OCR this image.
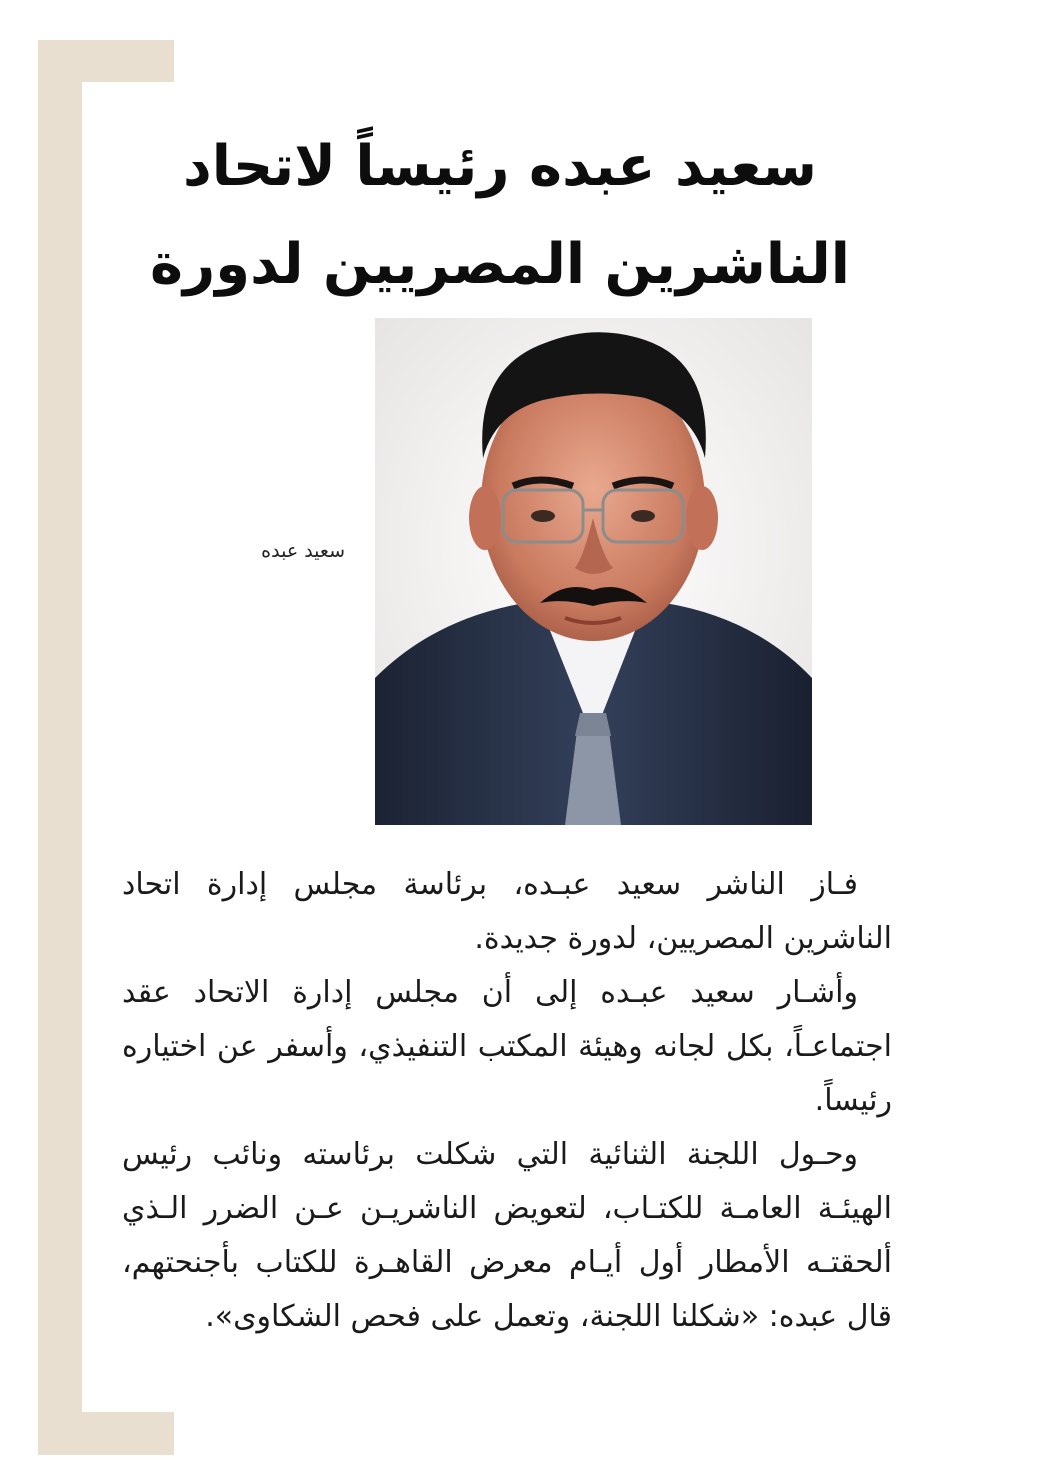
سعيد عبده رئيساً لاتحاد
الناشرين المصريين لدورة
سعيد عبده

فـاز الناشر سعيد عبـده، برئاسة مجلس إدارة اتحاد الناشرين المصريين، لدورة جديدة.

وأشـار سعيد عبـده إلى أن مجلس إدارة الاتحاد عقد اجتماعـاً، بكل لجانه وهيئة المكتب التنفيذي، وأسفر عن اختياره رئيساً.

وحـول اللجنة الثنائية التي شكلت برئاسته ونائب رئيس الهيئـة العامـة للكتـاب، لتعويض الناشريـن عـن الضرر الـذي ألحقتـه الأمطار أول أيـام معرض القاهـرة للكتاب بأجنحتهم، قال عبده: «شكلنا اللجنة، وتعمل على فحص الشكاوى».
